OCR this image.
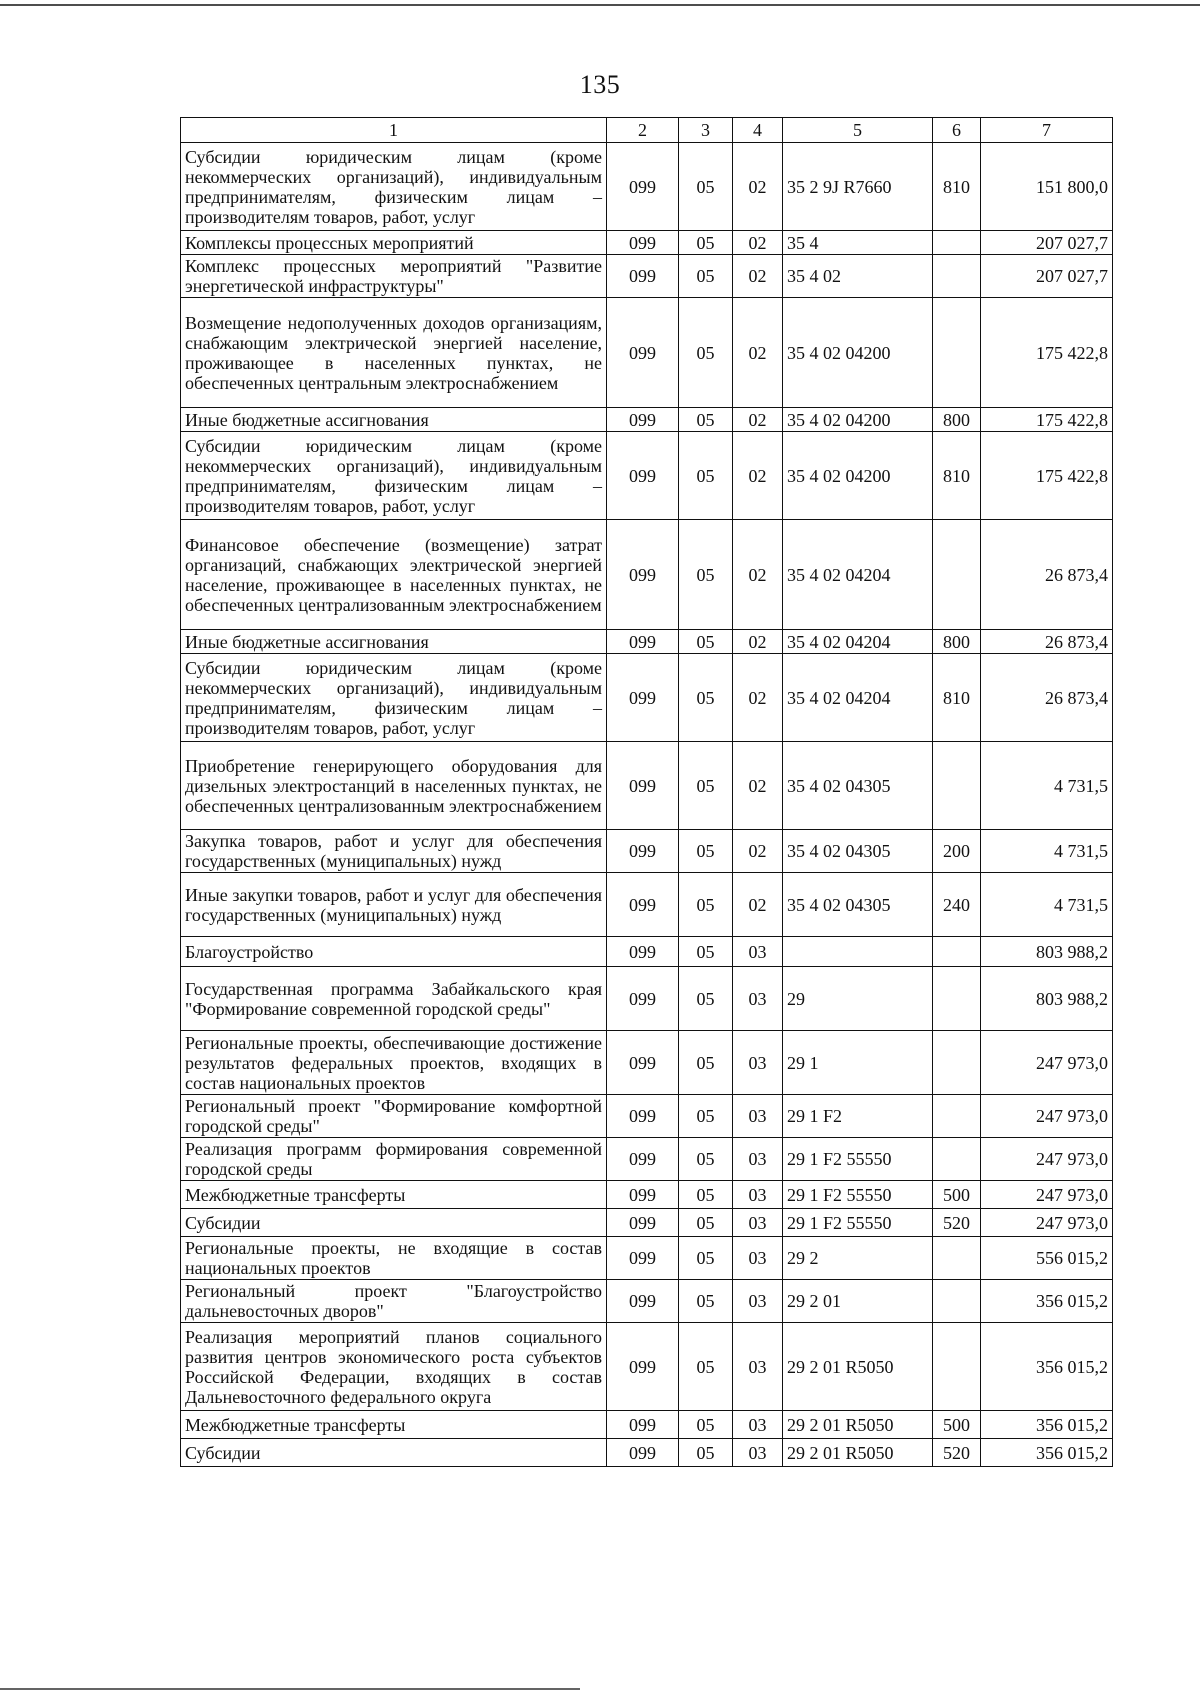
135
1	2	3	4	5	6	7
Субсидии юридическим лицам (кроме некоммерческих организаций), индивидуальным предпринимателям, физическим лицам – производителям товаров, работ, услуг	099	05	02	35 2 9J R7660	810	151 800,0
Комплексы процессных мероприятий	099	05	02	35 4		207 027,7
Комплекс процессных мероприятий "Развитие энергетической инфраструктуры"	099	05	02	35 4 02		207 027,7
Возмещение недополученных доходов организациям, снабжающим электрической энергией население, проживающее в населенных пунктах, не обеспеченных центральным электроснабжением	099	05	02	35 4 02 04200		175 422,8
Иные бюджетные ассигнования	099	05	02	35 4 02 04200	800	175 422,8
Субсидии юридическим лицам (кроме некоммерческих организаций), индивидуальным предпринимателям, физическим лицам – производителям товаров, работ, услуг	099	05	02	35 4 02 04200	810	175 422,8
Финансовое обеспечение (возмещение) затрат организаций, снабжающих электрической энергией население, проживающее в населенных пунктах, не обеспеченных централизованным электроснабжением	099	05	02	35 4 02 04204		26 873,4
Иные бюджетные ассигнования	099	05	02	35 4 02 04204	800	26 873,4
Субсидии юридическим лицам (кроме некоммерческих организаций), индивидуальным предпринимателям, физическим лицам – производителям товаров, работ, услуг	099	05	02	35 4 02 04204	810	26 873,4
Приобретение генерирующего оборудования для дизельных электростанций в населенных пунктах, не обеспеченных централизованным электроснабжением	099	05	02	35 4 02 04305		4 731,5
Закупка товаров, работ и услуг для обеспечения государственных (муниципальных) нужд	099	05	02	35 4 02 04305	200	4 731,5
Иные закупки товаров, работ и услуг для обеспечения государственных (муниципальных) нужд	099	05	02	35 4 02 04305	240	4 731,5
Благоустройство	099	05	03			803 988,2
Государственная программа Забайкальского края "Формирование современной городской среды"	099	05	03	29		803 988,2
Региональные проекты, обеспечивающие достижение результатов федеральных проектов, входящих в состав национальных проектов	099	05	03	29 1		247 973,0
Региональный проект "Формирование комфортной городской среды"	099	05	03	29 1 F2		247 973,0
Реализация программ формирования современной городской среды	099	05	03	29 1 F2 55550		247 973,0
Межбюджетные трансферты	099	05	03	29 1 F2 55550	500	247 973,0
Субсидии	099	05	03	29 1 F2 55550	520	247 973,0
Региональные проекты, не входящие в состав национальных проектов	099	05	03	29 2		556 015,2
Региональный проект "Благоустройство дальневосточных дворов"	099	05	03	29 2 01		356 015,2
Реализация мероприятий планов социального развития центров экономического роста субъектов Российской Федерации, входящих в состав Дальневосточного федерального округа	099	05	03	29 2 01 R5050		356 015,2
Межбюджетные трансферты	099	05	03	29 2 01 R5050	500	356 015,2
Субсидии	099	05	03	29 2 01 R5050	520	356 015,2
